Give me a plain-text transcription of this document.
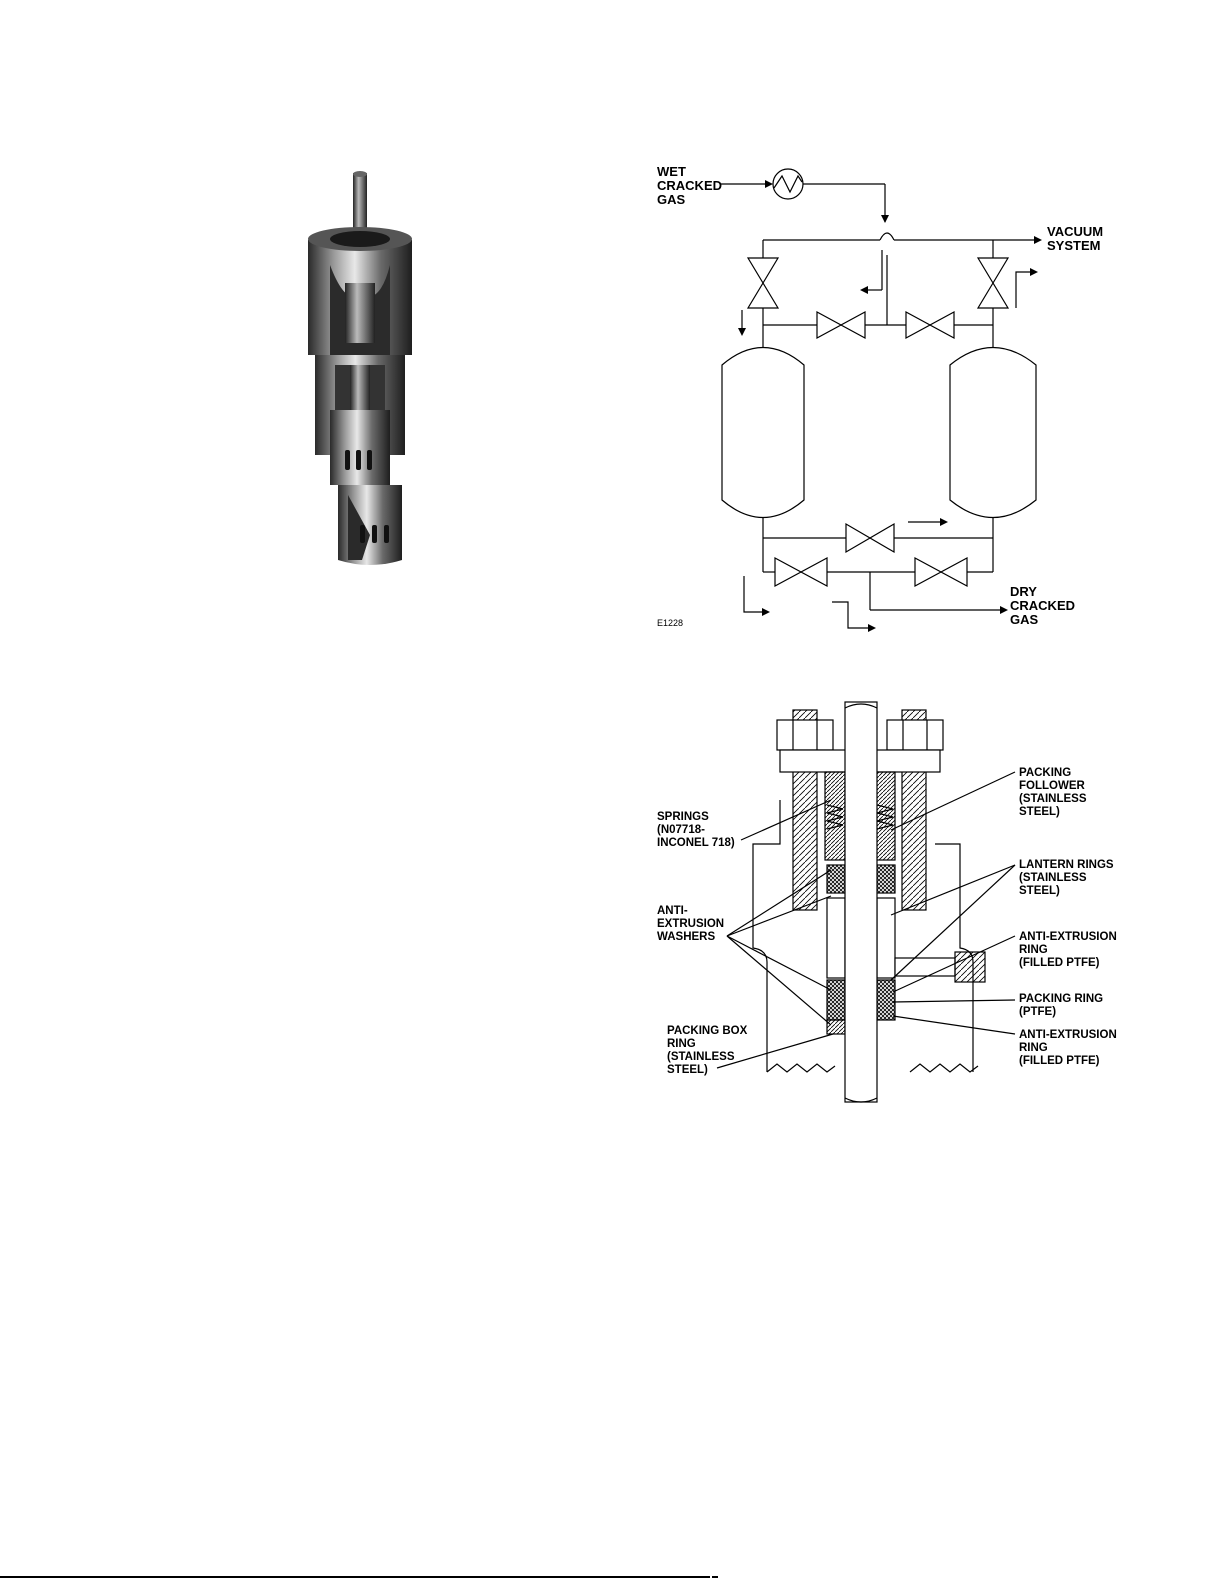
WET
CRACKED
GAS
VACUUM
SYSTEM
DRY
CRACKED
GAS
E1228
SPRINGS
(N07718-
INCONEL 718)
ANTI-
EXTRUSION
WASHERS
PACKING BOX
RING
(STAINLESS
STEEL)
PACKING
FOLLOWER
(STAINLESS
STEEL)
LANTERN RINGS
(STAINLESS
STEEL)
ANTI-EXTRUSION
RING
(FILLED PTFE)
PACKING RING
(PTFE)
ANTI-EXTRUSION
RING
(FILLED PTFE)
